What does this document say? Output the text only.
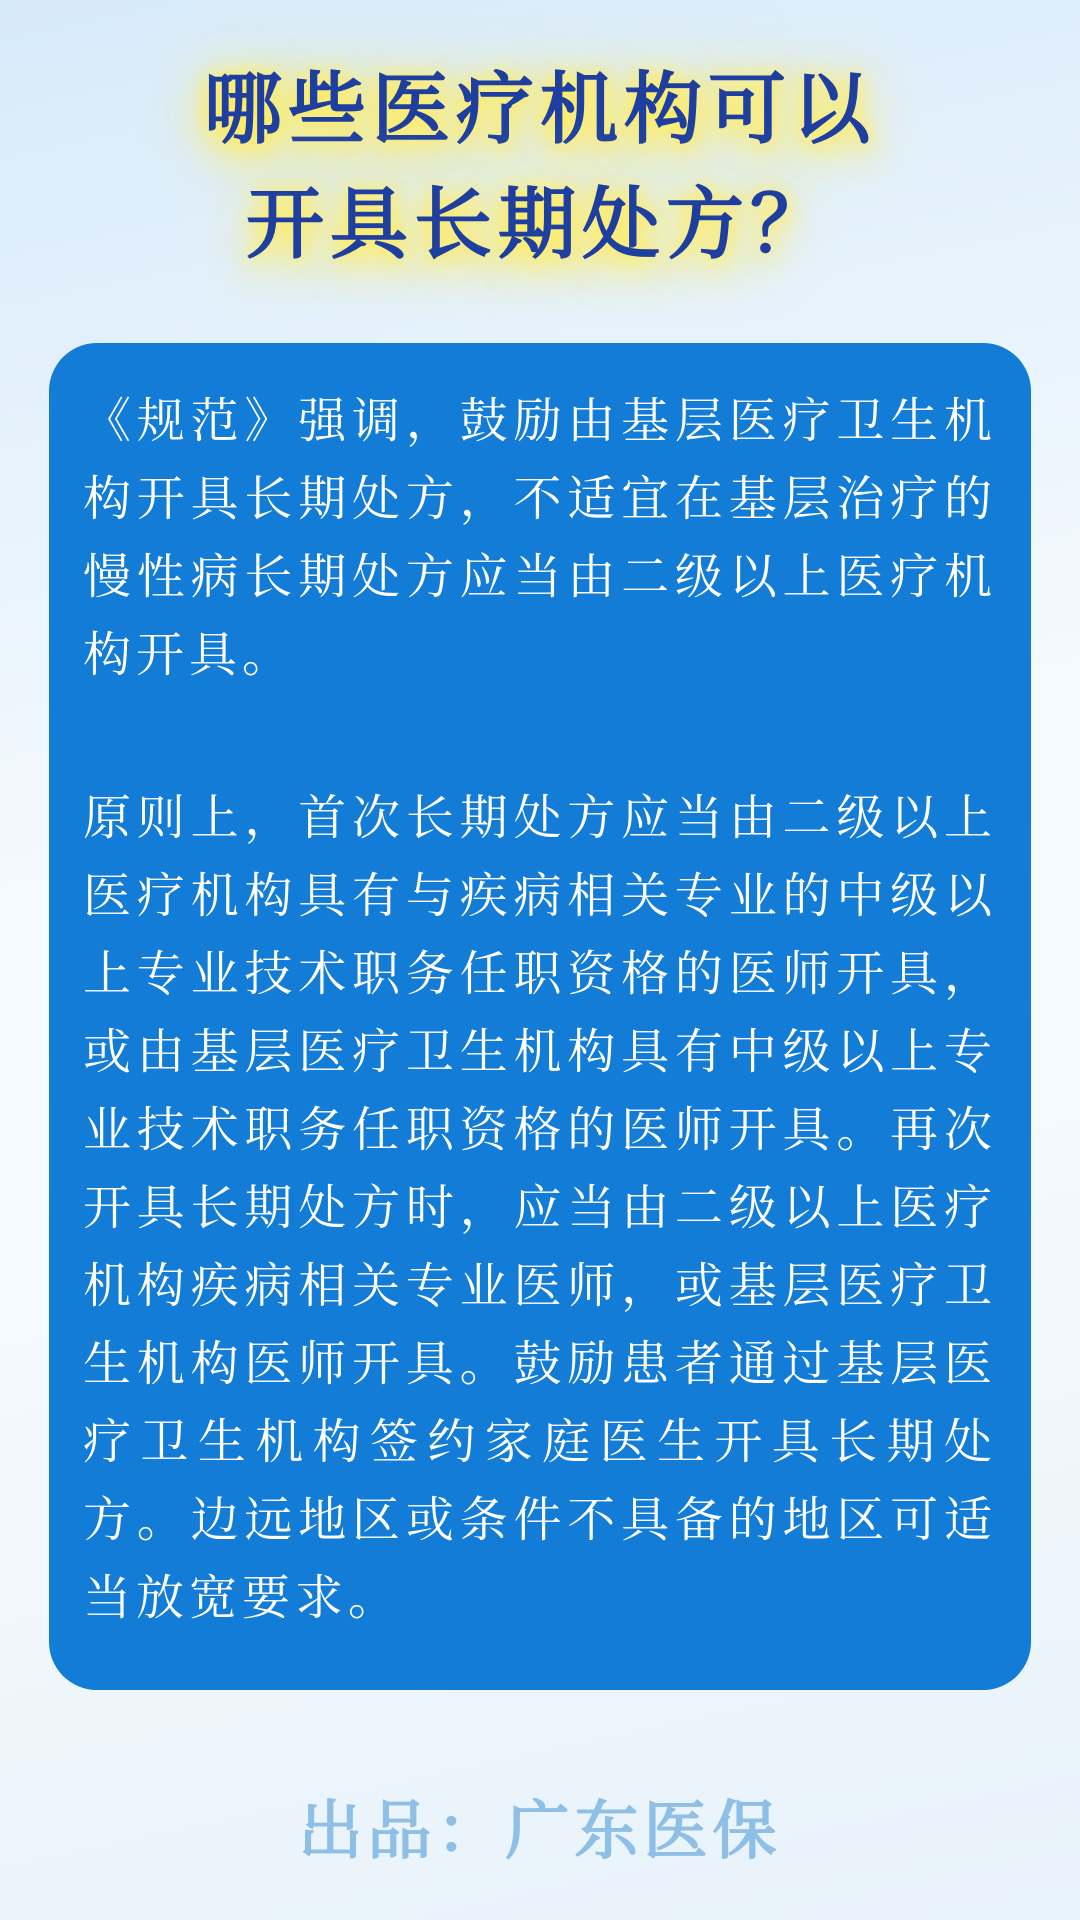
哪些医疗机构可以
开具长期处方？

《规范》强调，鼓励由基层医疗卫生机构开具长期处方，不适宜在基层治疗的慢性病长期处方应当由二级以上医疗机构开具。

原则上，首次长期处方应当由二级以上医疗机构具有与疾病相关专业的中级以上专业技术职务任职资格的医师开具，或由基层医疗卫生机构具有中级以上专业技术职务任职资格的医师开具。再次开具长期处方时，应当由二级以上医疗机构疾病相关专业医师，或基层医疗卫生机构医师开具。鼓励患者通过基层医疗卫生机构签约家庭医生开具长期处方。边远地区或条件不具备的地区可适当放宽要求。

出品：广东医保
